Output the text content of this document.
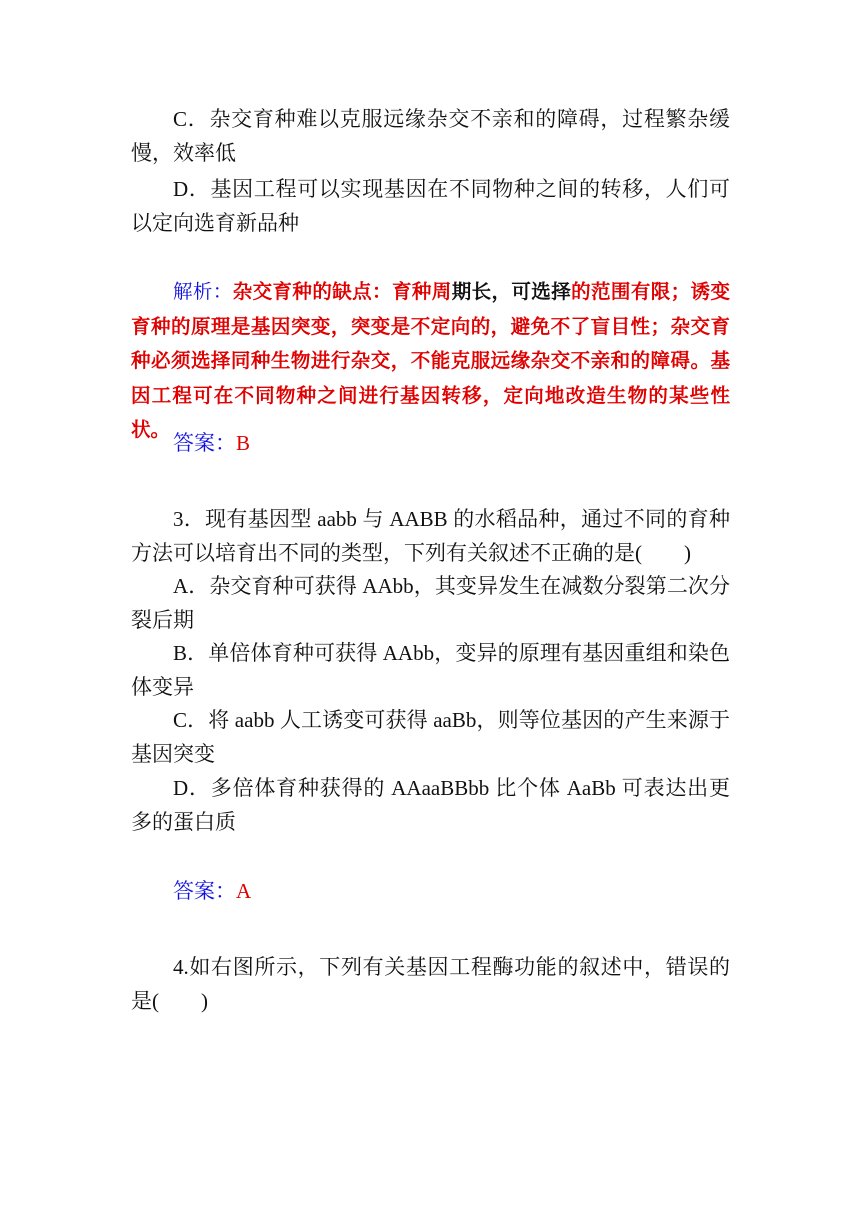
C．杂交育种难以克服远缘杂交不亲和的障碍，过程繁杂缓慢，效率低

D．基因工程可以实现基因在不同物种之间的转移，人们可以定向选育新品种

解析：杂交育种的缺点：育种周期长，可选择的范围有限；诱变育种的原理是基因突变，突变是不定向的，避免不了盲目性；杂交育种必须选择同种生物进行杂交，不能克服远缘杂交不亲和的障碍。基因工程可在不同物种之间进行基因转移，定向地改造生物的某些性状。

答案：B

3．现有基因型 aabb 与 AABB 的水稻品种，通过不同的育种方法可以培育出不同的类型，下列有关叙述不正确的是(　　)

A．杂交育种可获得 AAbb，其变异发生在减数分裂第二次分裂后期

B．单倍体育种可获得 AAbb，变异的原理有基因重组和染色体变异

C．将 aabb 人工诱变可获得 aaBb，则等位基因的产生来源于基因突变

D．多倍体育种获得的 AAaaBBbb 比个体 AaBb 可表达出更多的蛋白质

答案：A

4.如右图所示，下列有关基因工程酶功能的叙述中，错误的是(　　)
